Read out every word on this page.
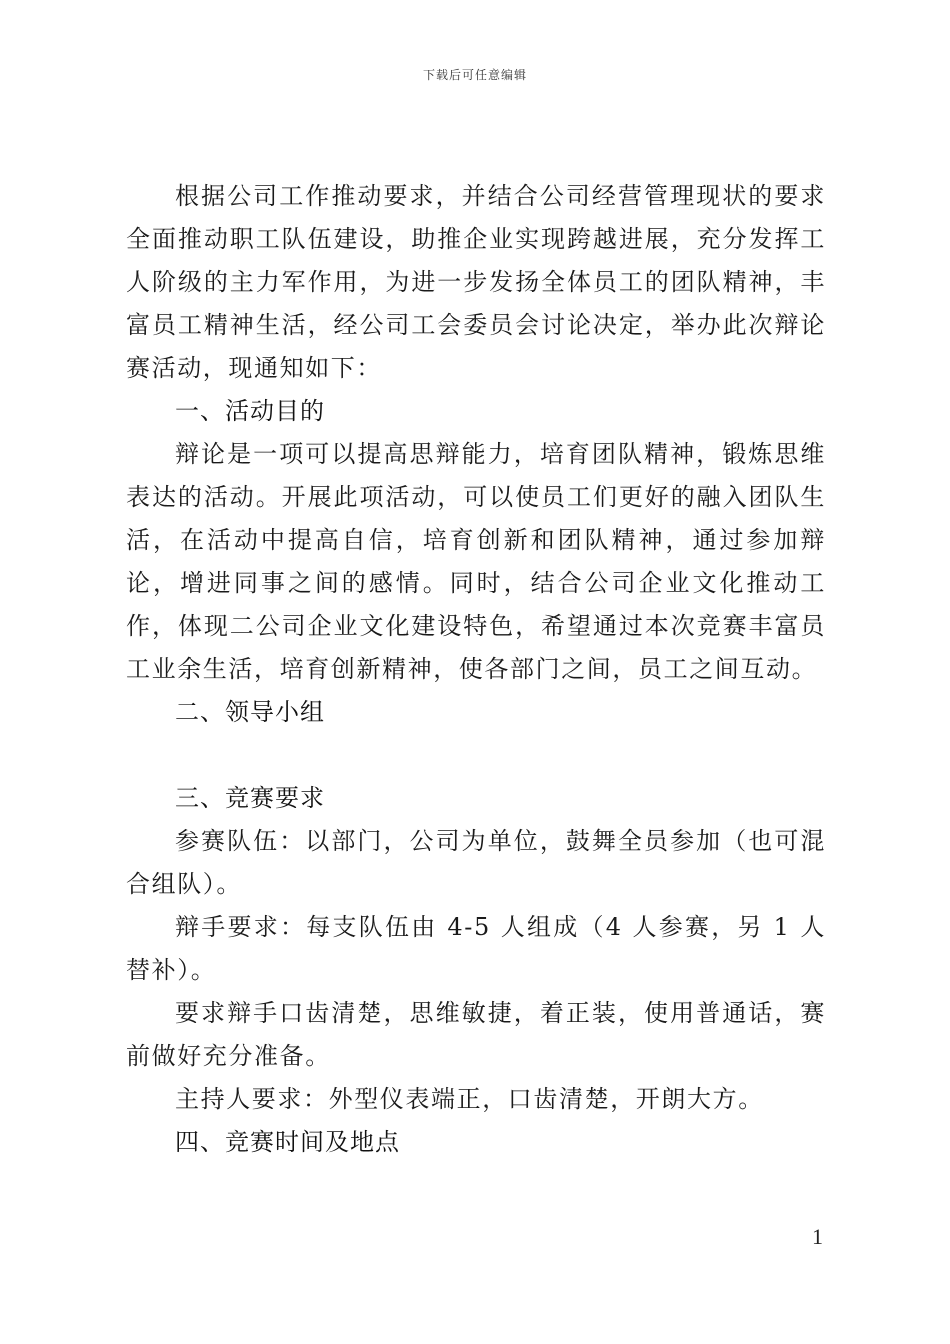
下载后可任意编辑

根据公司工作推动要求，并结合公司经营管理现状的要求全面推动职工队伍建设，助推企业实现跨越进展，充分发挥工人阶级的主力军作用，为进一步发扬全体员工的团队精神，丰富员工精神生活，经公司工会委员会讨论决定，举办此次辩论赛活动，现通知如下：

一、活动目的

辩论是一项可以提高思辩能力，培育团队精神，锻炼思维表达的活动。开展此项活动，可以使员工们更好的融入团队生活，在活动中提高自信，培育创新和团队精神，通过参加辩论，增进同事之间的感情。同时，结合公司企业文化推动工作，体现二公司企业文化建设特色，希望通过本次竞赛丰富员工业余生活，培育创新精神，使各部门之间，员工之间互动。

二、领导小组

三、竞赛要求

参赛队伍：以部门，公司为单位，鼓舞全员参加（也可混合组队）。

辩手要求：每支队伍由 4-5 人组成（4 人参赛，另 1 人替补）。

要求辩手口齿清楚，思维敏捷，着正装，使用普通话，赛前做好充分准备。

主持人要求：外型仪表端正，口齿清楚，开朗大方。

四、竞赛时间及地点

1
